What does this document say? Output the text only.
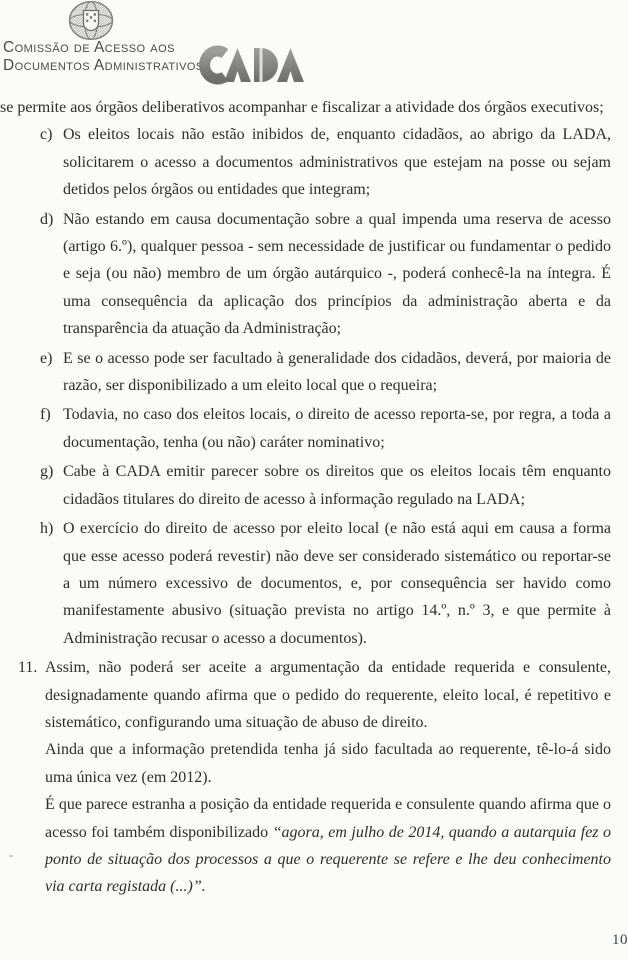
Comissão de Acesso aos
Documentos Administrativos

se permite aos órgãos deliberativos acompanhar e fiscalizar a atividade dos órgãos executivos;

c) Os eleitos locais não estão inibidos de, enquanto cidadãos, ao abrigo da LADA, solicitarem o acesso a documentos administrativos que estejam na posse ou sejam detidos pelos órgãos ou entidades que integram;
d) Não estando em causa documentação sobre a qual impenda uma reserva de acesso (artigo 6.º), qualquer pessoa - sem necessidade de justificar ou fundamentar o pedido e seja (ou não) membro de um órgão autárquico -, poderá conhecê-la na íntegra. É uma consequência da aplicação dos princípios da administração aberta e da transparência da atuação da Administração;
e) E se o acesso pode ser facultado à generalidade dos cidadãos, deverá, por maioria de razão, ser disponibilizado a um eleito local que o requeira;
f) Todavia, no caso dos eleitos locais, o direito de acesso reporta-se, por regra, a toda a documentação, tenha (ou não) caráter nominativo;
g) Cabe à CADA emitir parecer sobre os direitos que os eleitos locais têm enquanto cidadãos titulares do direito de acesso à informação regulado na LADA;
h) O exercício do direito de acesso por eleito local (e não está aqui em causa a forma que esse acesso poderá revestir) não deve ser considerado sistemático ou reportar-se a um número excessivo de documentos, e, por consequência ser havido como manifestamente abusivo (situação prevista no artigo 14.º, n.º 3, e que permite à Administração recusar o acesso a documentos).
11. Assim, não poderá ser aceite a argumentação da entidade requerida e consulente, designadamente quando afirma que o pedido do requerente, eleito local, é repetitivo e sistemático, configurando uma situação de abuso de direito.

Ainda que a informação pretendida tenha já sido facultada ao requerente, tê-lo-á sido uma única vez (em 2012).

É que parece estranha a posição da entidade requerida e consulente quando afirma que o acesso foi também disponibilizado “agora, em julho de 2014, quando a autarquia fez o ponto de situação dos processos a que o requerente se refere e lhe deu conhecimento via carta registada (...)”.

10
